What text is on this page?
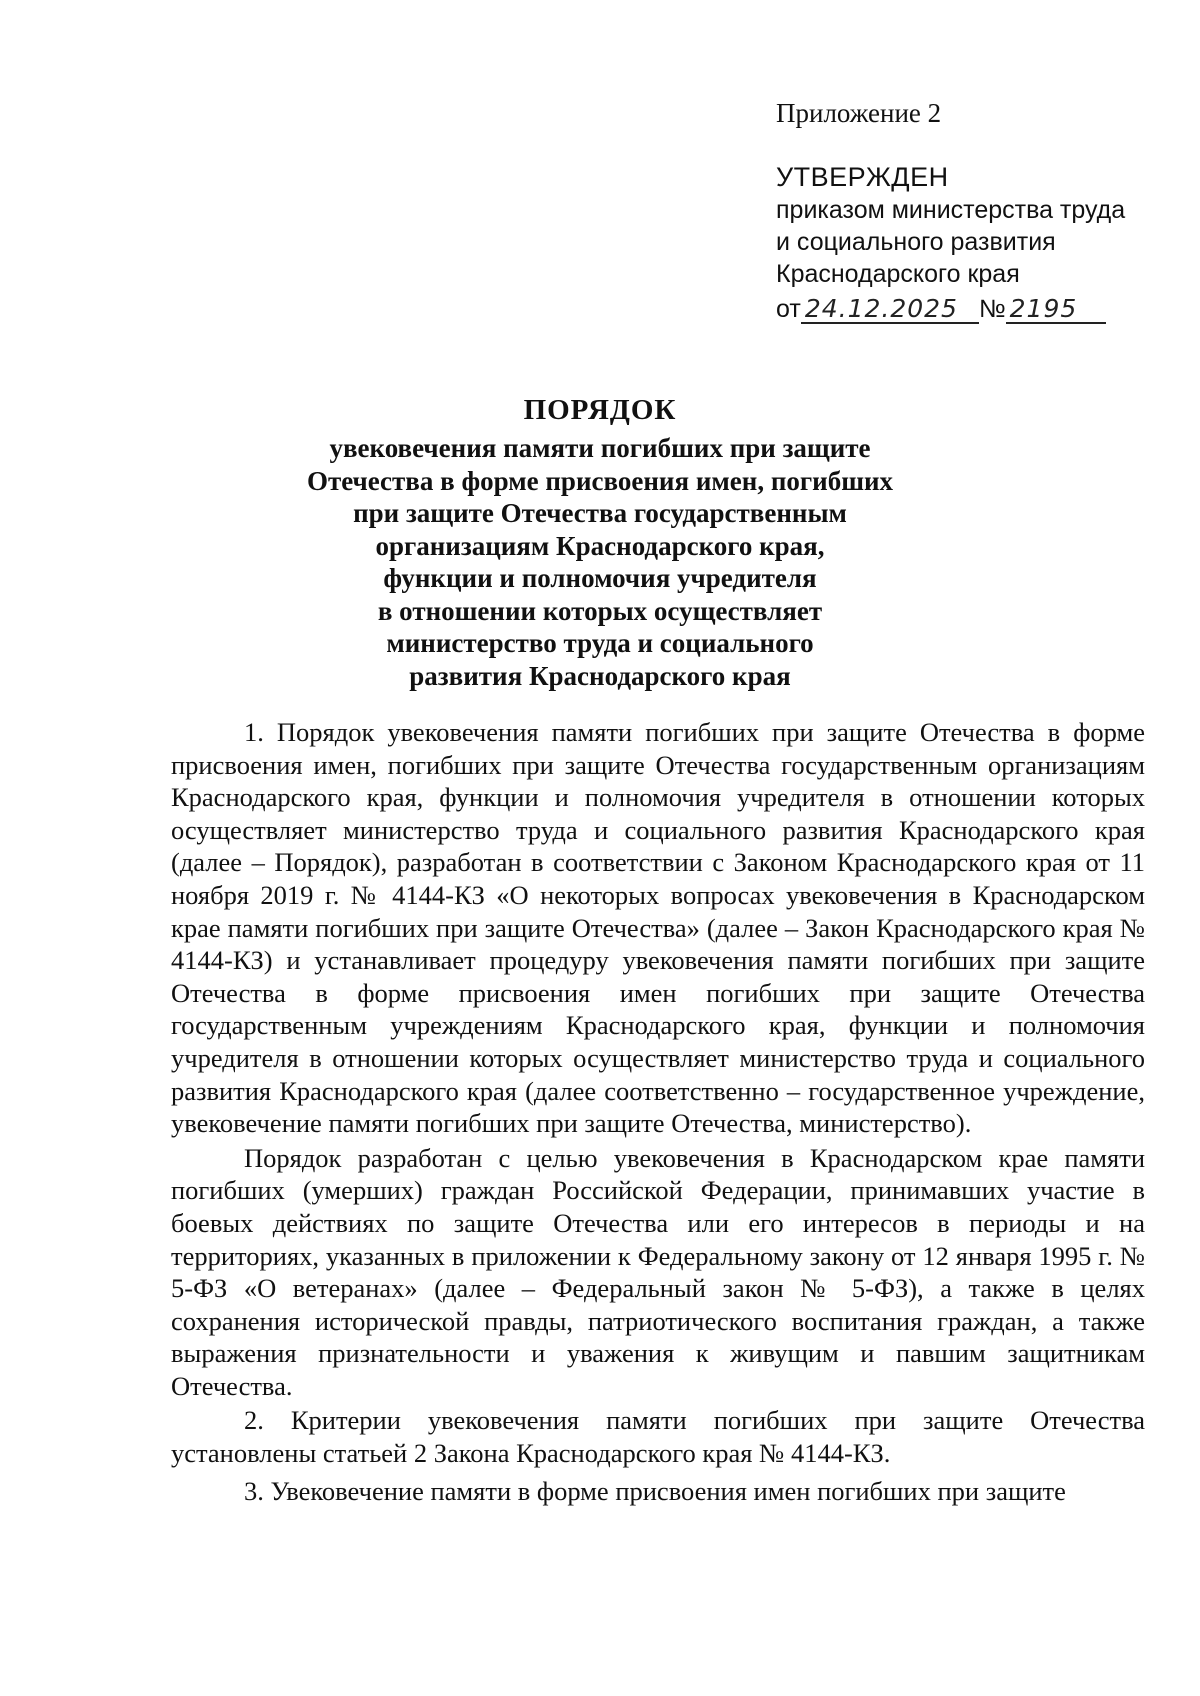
Приложение 2

УТВЕРЖДЕН

приказом министерства труда

и социального развития

Краснодарского края

от 24.12.2025 № 2195

ПОРЯДОК

увековечения памяти погибших при защите

Отечества в форме присвоения имен, погибших

при защите Отечества государственным

организациям Краснодарского края,

функции и полномочия учредителя

в отношении которых осуществляет

министерство труда и социального

развития Краснодарского края

1. Порядок увековечения памяти погибших при защите Отечества в форме присвоения имен, погибших при защите Отечества государственным организациям Краснодарского края, функции и полномочия учредителя в отношении которых осуществляет министерство труда и социального развития Краснодарского края (далее – Порядок), разработан в соответствии с Законом Краснодарского края от 11 ноября 2019 г. № 4144-КЗ «О некоторых вопросах увековечения в Краснодарском крае памяти погибших при защите Отечества» (далее – Закон Краснодарского края № 4144-КЗ) и устанавливает процедуру увековечения памяти погибших при защите Отечества в форме присвоения имен погибших при защите Отечества государственным учреждениям Краснодарского края, функции и полномочия учредителя в отношении которых осуществляет министерство труда и социального развития Краснодарского края (далее соответственно – государственное учреждение, увековечение памяти погибших при защите Отечества, министерство).

Порядок разработан с целью увековечения в Краснодарском крае памяти погибших (умерших) граждан Российской Федерации, принимавших участие в боевых действиях по защите Отечества или его интересов в периоды и на территориях, указанных в приложении к Федеральному закону от 12 января 1995 г. № 5-ФЗ «О ветеранах» (далее – Федеральный закон № 5-ФЗ), а также в целях сохранения исторической правды, патриотического воспитания граждан, а также выражения признательности и уважения к живущим и павшим защитникам Отечества.

2. Критерии увековечения памяти погибших при защите Отечества установлены статьей 2 Закона Краснодарского края № 4144-КЗ.

3. Увековечение памяти в форме присвоения имен погибших при защите
